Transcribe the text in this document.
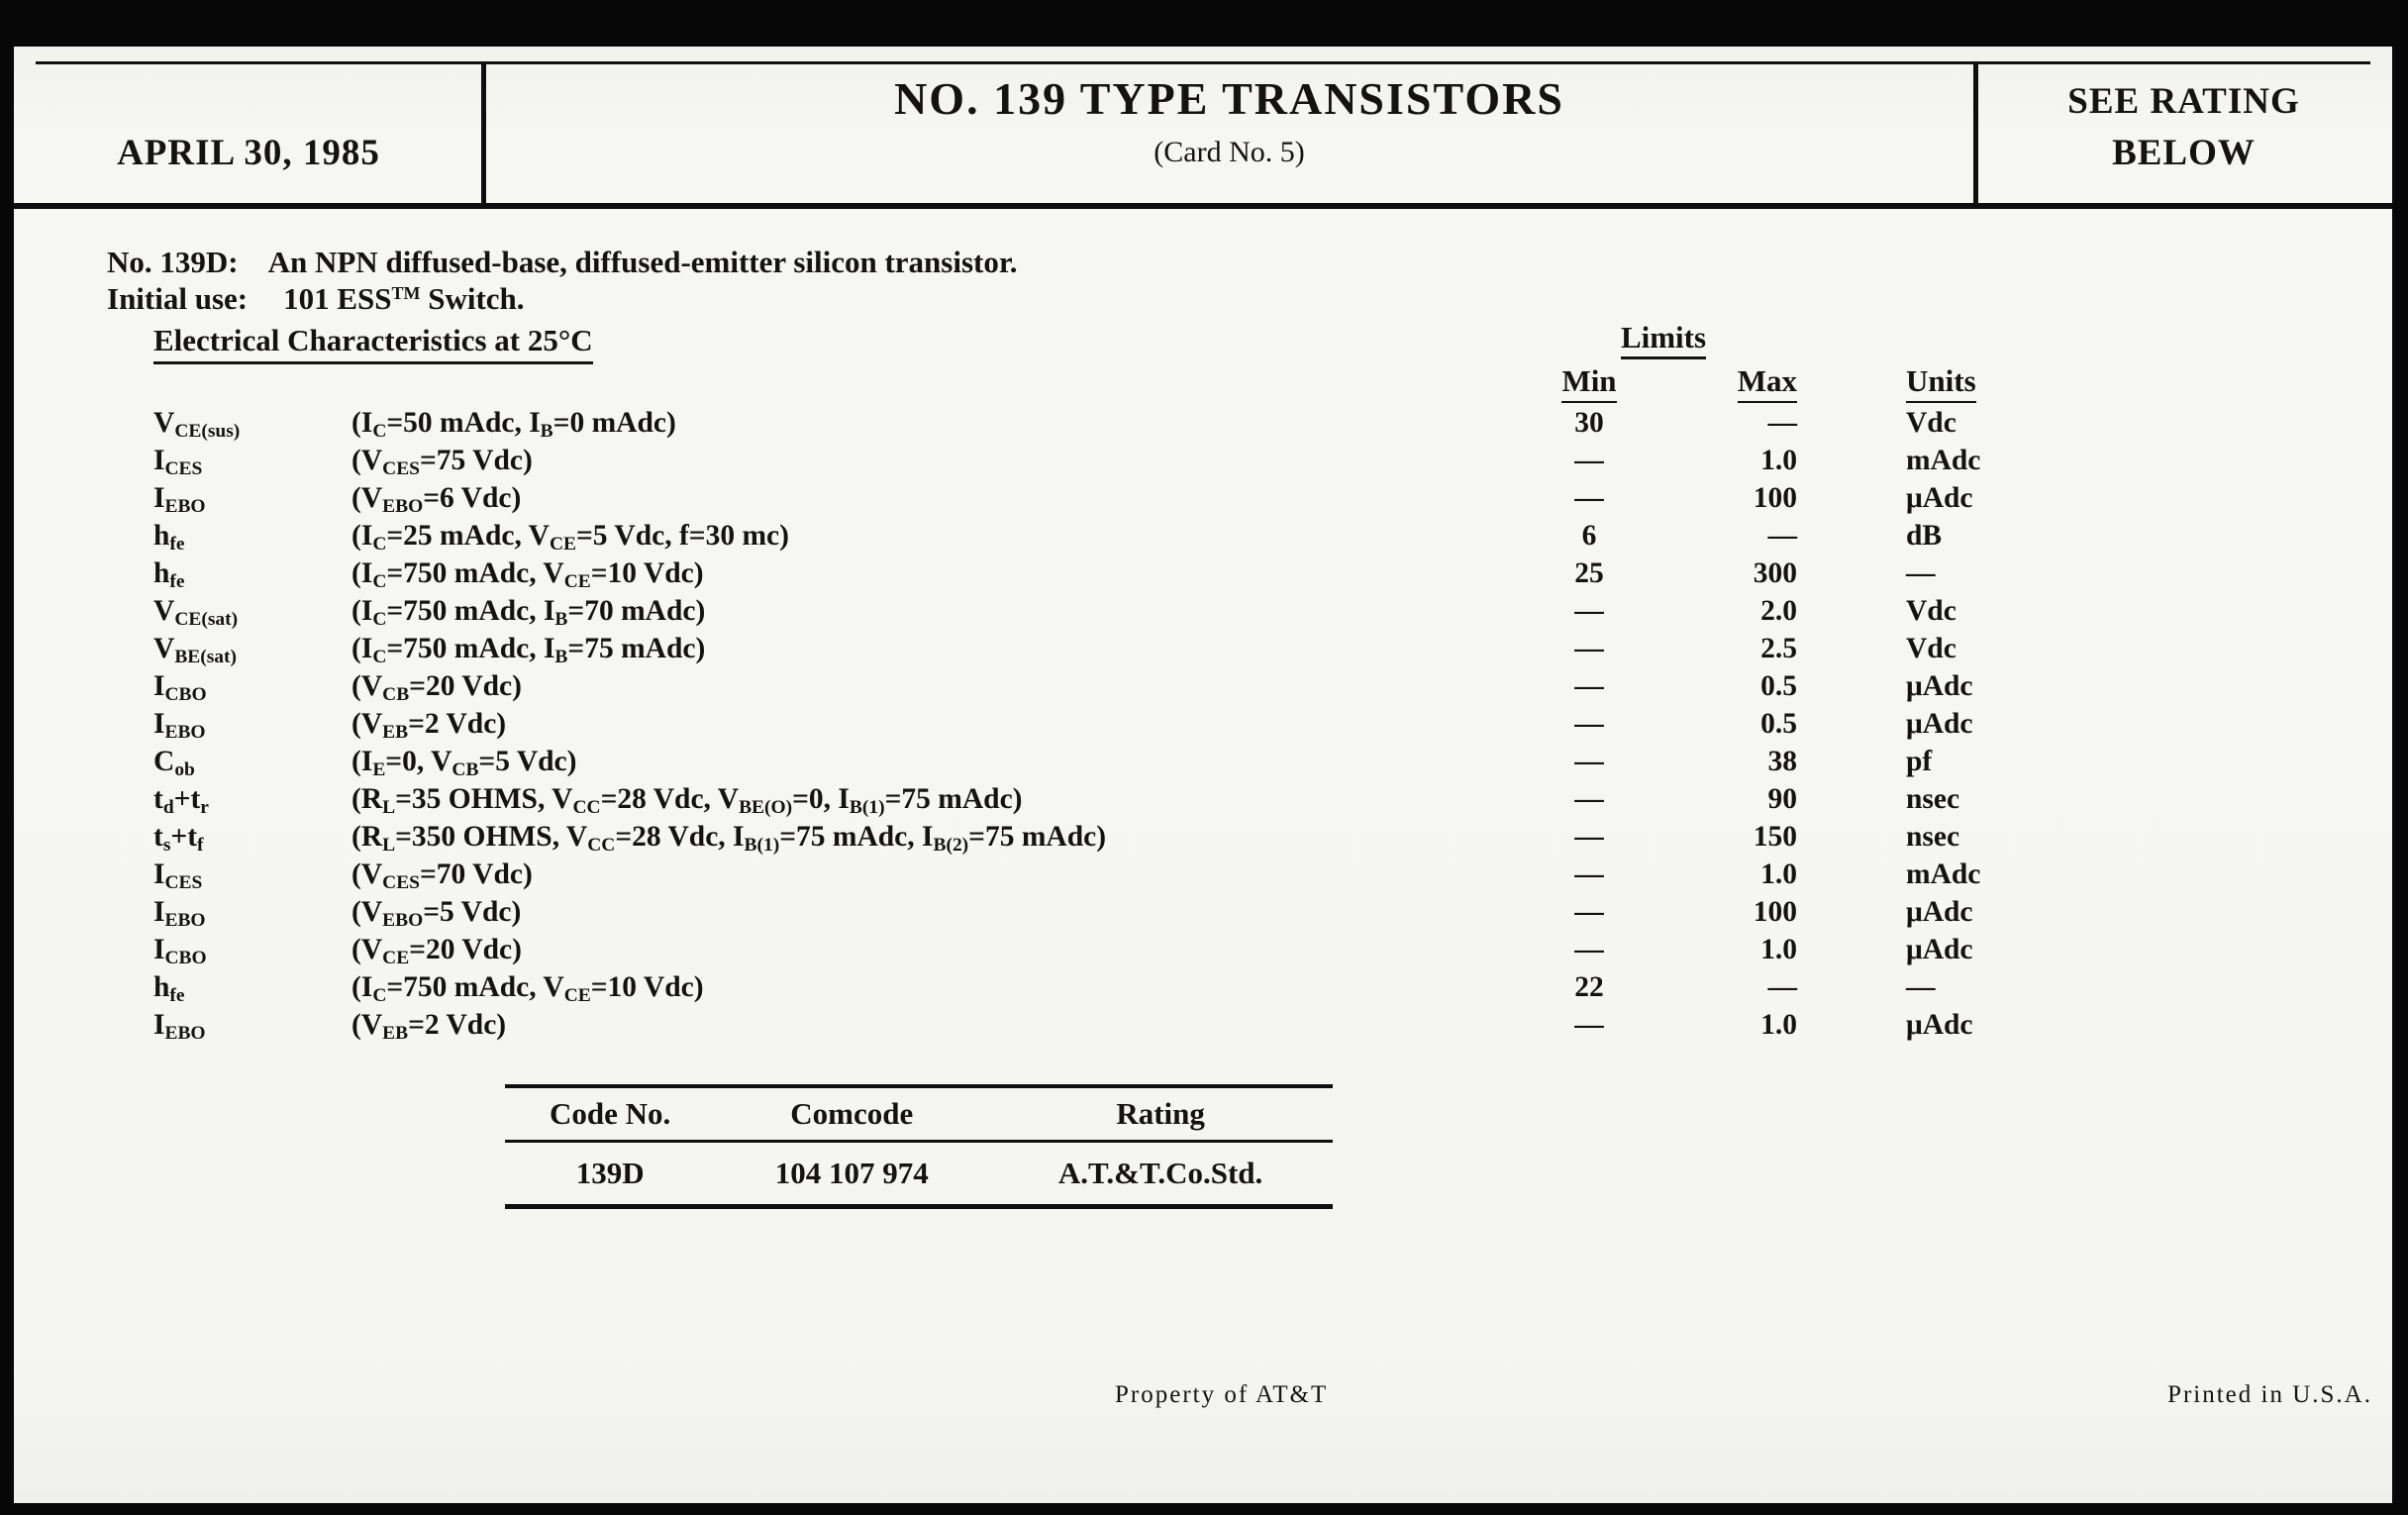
APRIL 30, 1985
NO. 139 TYPE TRANSISTORS
(Card No. 5)
SEE RATING
BELOW
No. 139D: An NPN diffused-base, diffused-emitter silicon transistor.
Initial use: 101 ESS™ Switch.
Electrical Characteristics at 25°C	Limits
Min	Max	Units
$V_{CE(sus)}$	($I_C=50$ mAdc, $I_B=0$ mAdc)	30	—	Vdc
$I_{CES}$	($V_{CES}=75$ Vdc)	—	1.0	mAdc
$I_{EBO}$	($V_{EBO}=6$ Vdc)	—	100	μAdc
$h_{fe}$	($I_C=25$ mAdc, $V_{CE}=5$ Vdc, f=30 mc)	6	—	dB
$h_{fe}$	($I_C=750$ mAdc, $V_{CE}=10$ Vdc)	25	300	—
$V_{CE(sat)}$	($I_C=750$ mAdc, $I_B=70$ mAdc)	—	2.0	Vdc
$V_{BE(sat)}$	($I_C=750$ mAdc, $I_B=75$ mAdc)	—	2.5	Vdc
$I_{CBO}$	($V_{CB}=20$ Vdc)	—	0.5	μAdc
$I_{EBO}$	($V_{EB}=2$ Vdc)	—	0.5	μAdc
$C_{ob}$	($I_E=0$, $V_{CB}=5$ Vdc)	—	38	pf
$t_d+t_r$	($R_L=35$ OHMS, $V_{CC}=28$ Vdc, $V_{BE(O)}=0$, $I_{B(1)}=75$ mAdc)	—	90	nsec
$t_s+t_f$	($R_L=350$ OHMS, $V_{CC}=28$ Vdc, $I_{B(1)}=75$ mAdc, $I_{B(2)}=75$ mAdc)	—	150	nsec
$I_{CES}$	($V_{CES}=70$ Vdc)	—	1.0	mAdc
$I_{EBO}$	($V_{EBO}=5$ Vdc)	—	100	μAdc
$I_{CBO}$	($V_{CE}=20$ Vdc)	—	1.0	μAdc
$h_{fe}$	($I_C=750$ mAdc, $V_{CE}=10$ Vdc)	22	—	—
$I_{EBO}$	($V_{EB}=2$ Vdc)	—	1.0	μAdc
Code No.	Comcode	Rating
139D	104 107 974	A.T.&T.Co.Std.
Property of AT&T	Printed in U.S.A.
